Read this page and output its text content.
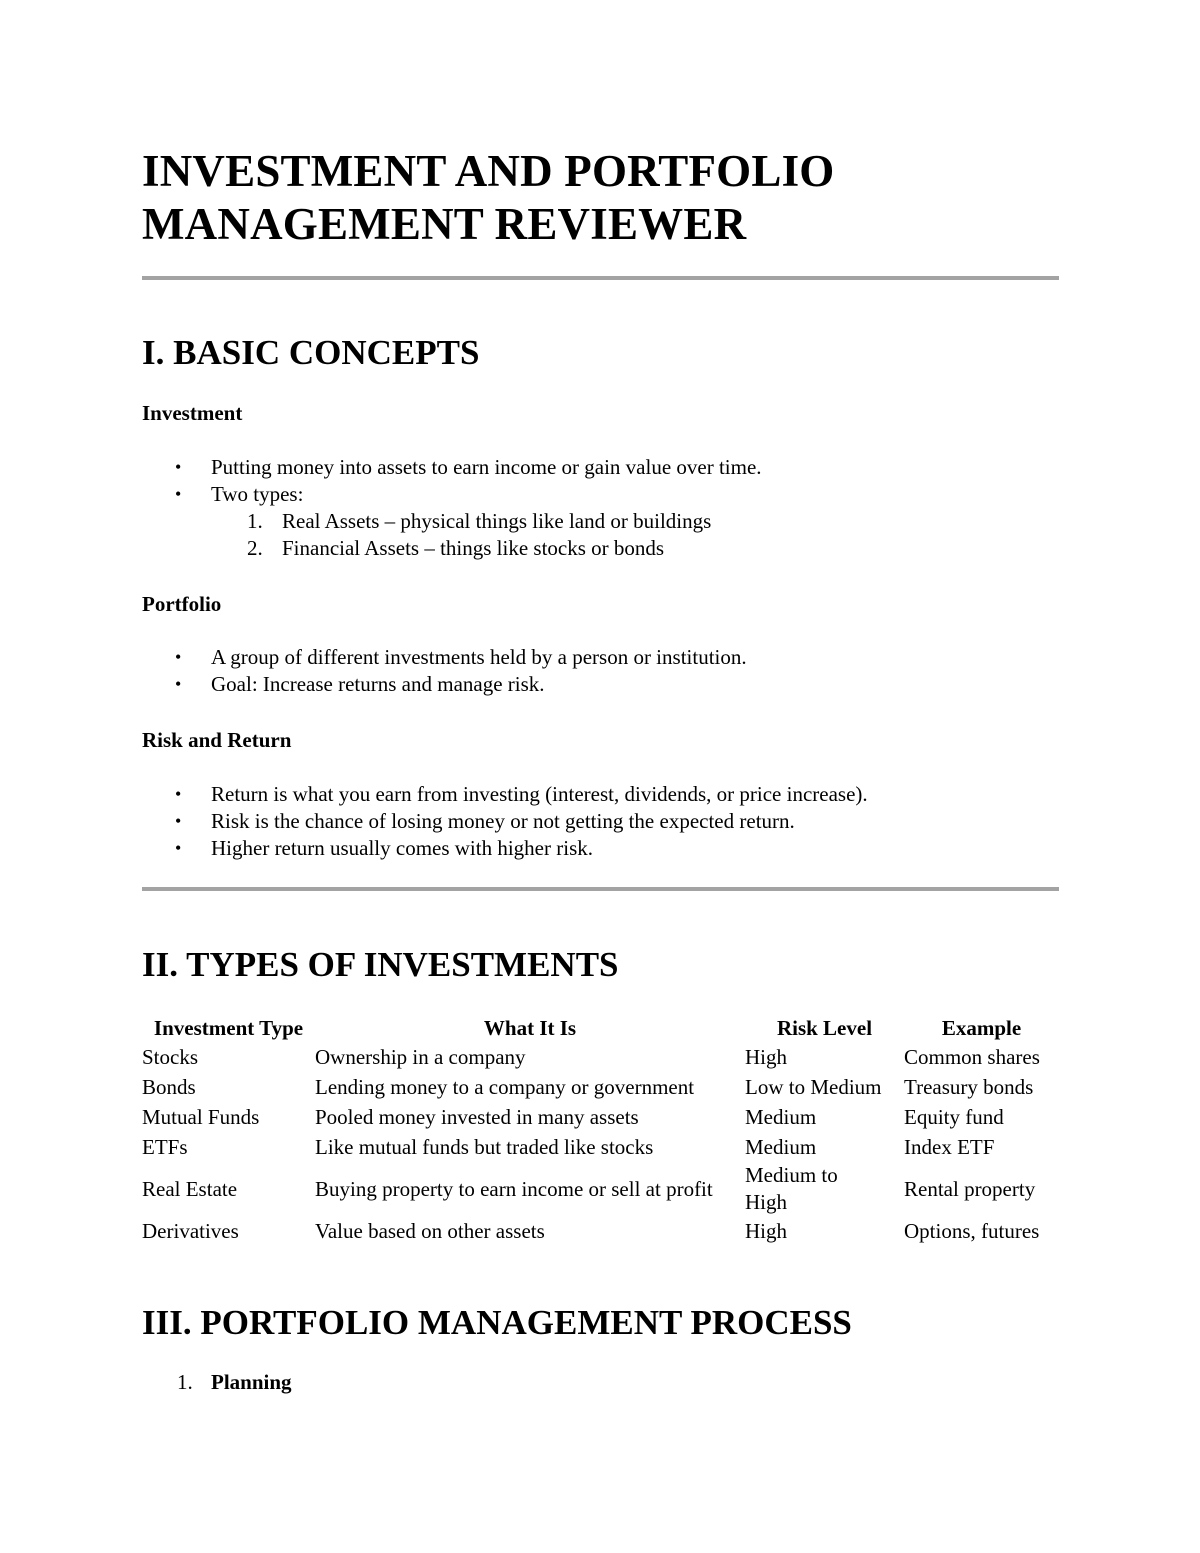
INVESTMENT AND PORTFOLIO
MANAGEMENT REVIEWER
I. BASIC CONCEPTS
Investment
• Putting money into assets to earn income or gain value over time.
• Two types:
1. Real Assets – physical things like land or buildings
2. Financial Assets – things like stocks or bonds
Portfolio
• A group of different investments held by a person or institution.
• Goal: Increase returns and manage risk.
Risk and Return
• Return is what you earn from investing (interest, dividends, or price increase).
• Risk is the chance of losing money or not getting the expected return.
• Higher return usually comes with higher risk.
II. TYPES OF INVESTMENTS
Investment Type	What It Is	Risk Level	Example
Stocks	Ownership in a company	High	Common shares
Bonds	Lending money to a company or government	Low to Medium	Treasury bonds
Mutual Funds	Pooled money invested in many assets	Medium	Equity fund
ETFs	Like mutual funds but traded like stocks	Medium	Index ETF
Real Estate	Buying property to earn income or sell at profit	Medium to High	Rental property
Derivatives	Value based on other assets	High	Options, futures
III. PORTFOLIO MANAGEMENT PROCESS
1. Planning
